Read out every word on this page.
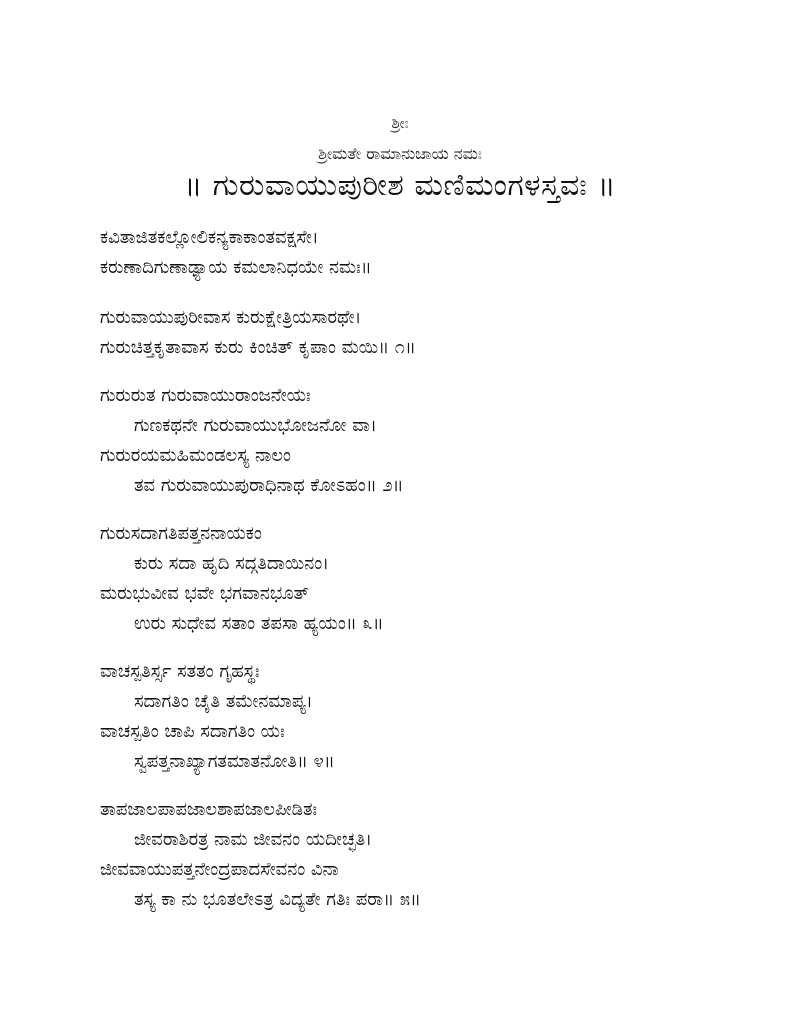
ಶ್ರೀಃ
ಶ್ರೀಮತೇ ರಾಮಾನುಜಾಯ ನಮಃ
॥ ಗುರುವಾಯುಪುರೀಶ ಮಣಿಮಂಗಳಸ್ತವಃ ॥
ಕವಿತಾಜಿತಕಲ್ಲೋಲಿಕನ್ಯಕಾಕಾಂತವಕ್ಷಸೇ।
ಕರುಣಾದಿಗುಣಾಢ್ಯಾಯ ಕಮಲಾನಿಧಯೇ ನಮಃ॥
ಗುರುವಾಯುಪುರೀವಾಸ ಕುರುಕ್ಷೇತ್ರಿಯಸಾರಥೇ।
ಗುರುಚಿತ್ತಕೃತಾವಾಸ ಕುರು ಕಿಂಚಿತ್ ಕೃಪಾಂ ಮಯಿ॥ ೧॥
ಗುರುರುತ ಗುರುವಾಯುರಾಂಜನೇಯಃ
ಗುಣಕಥನೇ ಗುರುವಾಯುಭೋಜನೋ ವಾ।
ಗುರುರಯಮಹಿಮಂಡಲಸ್ಯ ನಾಲಂ
ತವ ಗುರುವಾಯುಪುರಾಧಿನಾಥ ಕೋಽಹಂ॥ ೨॥
ಗುರುಸದಾಗತಿಪತ್ತನನಾಯಕಂ
ಕುರು ಸದಾ ಹೃದಿ ಸದ್ಗತಿದಾಯಿನಂ।
ಮರುಭುವೀವ ಭವೇ ಭಗವಾನಭೂತ್
ಉರು ಸುಧೇವ ಸತಾಂ ತಪಸಾ ಹ್ಯಯಂ॥ ೩॥
ವಾಚಸ್ಪತಿರ್ಸ್ಸ ಸತತಂ ಗೃಹಸ್ಥಃ
ಸದಾಗತಿಂ ಚೈತಿ ತಮೇನಮಾಪ್ಯ।
ವಾಚಸ್ಪತಿಂ ಚಾಪಿ ಸದಾಗತಿಂ ಯಃ
ಸ್ವಪತ್ತನಾಖ್ಯಾಗತಮಾತನೋತಿ॥ ೪॥
ತಾಪಜಾಲಪಾಪಜಾಲಶಾಪಜಾಲಪೀಡಿತಃ
ಜೀವರಾಶಿರತ್ರ ನಾಮ ಜೀವನಂ ಯದೀಚ್ಛತಿ।
ಜೀವವಾಯುಪತ್ತನೇಂದ್ರಪಾದಸೇವನಂ ವಿನಾ
ತಸ್ಯ ಕಾ ನು ಭೂತಲೇಽತ್ರ ವಿದ್ಯತೇ ಗತಿಃ ಪರಾ॥ ೫॥
